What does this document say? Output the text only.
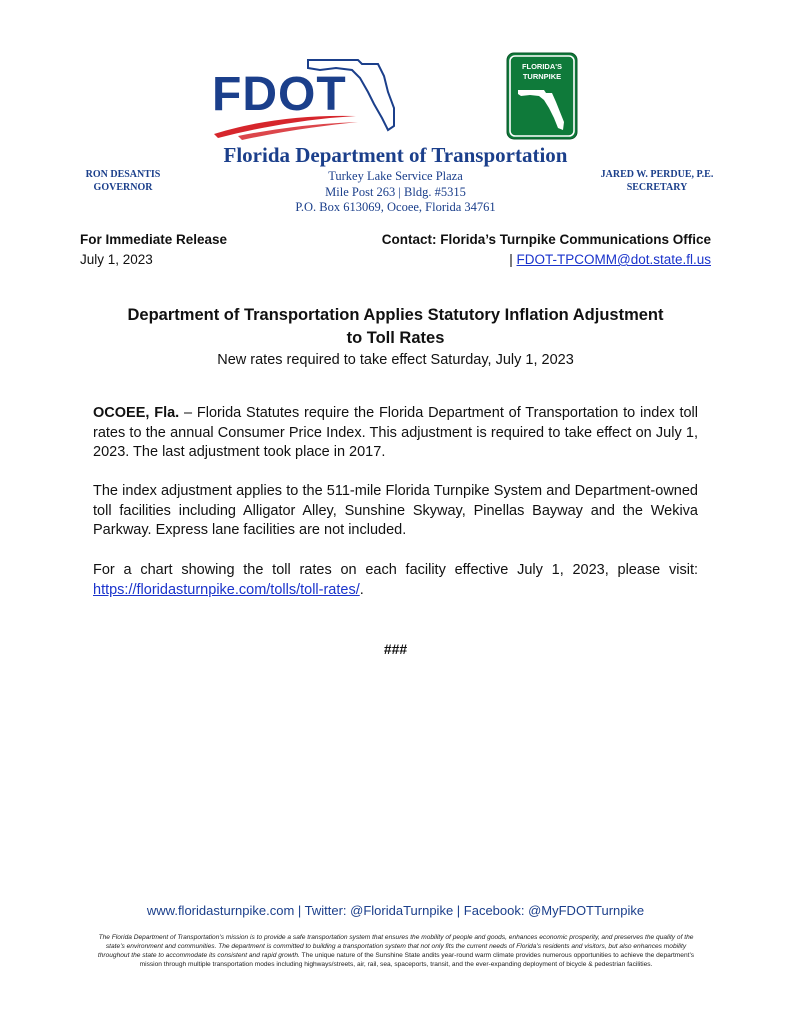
FDOT
FLORIDA'S
TURNPIKE
Florida Department of Transportation
RON DESANTIS
GOVERNOR
Turkey Lake Service Plaza
Mile Post 263 | Bldg. #5315
P.O. Box 613069, Ocoee, Florida 34761
JARED W. PERDUE, P.E.
SECRETARY
For Immediate Release
July 1, 2023
Contact: Florida’s Turnpike Communications Office
| FDOT-TPCOMM@dot.state.fl.us
Department of Transportation Applies Statutory Inflation Adjustment
to Toll Rates
New rates required to take effect Saturday, July 1, 2023
OCOEE, Fla. – Florida Statutes require the Florida Department of Transportation to index toll rates to the annual Consumer Price Index. This adjustment is required to take effect on July 1, 2023. The last adjustment took place in 2017.
The index adjustment applies to the 511-mile Florida Turnpike System and Department-owned toll facilities including Alligator Alley, Sunshine Skyway, Pinellas Bayway and the Wekiva Parkway. Express lane facilities are not included.
For a chart showing the toll rates on each facility effective July 1, 2023, please visit: https://floridasturnpike.com/tolls/toll-rates/.
###
www.floridasturnpike.com | Twitter: @FloridaTurnpike | Facebook: @MyFDOTTurnpike
The Florida Department of Transportation’s mission is to provide a safe transportation system that ensures the mobility of people and goods, enhances economic prosperity, and preserves the quality of the state’s environment and communities. The department is committed to building a transportation system that not only fits the current needs of Florida’s residents and visitors, but also enhances mobility throughout the state to accommodate its consistent and rapid growth. The unique nature of the Sunshine State andits year-round warm climate provides numerous opportunities to achieve the department’s mission through multiple transportation modes including highways/streets, air, rail, sea, spaceports, transit, and the ever-expanding deployment of bicycle & pedestrian facilities.
